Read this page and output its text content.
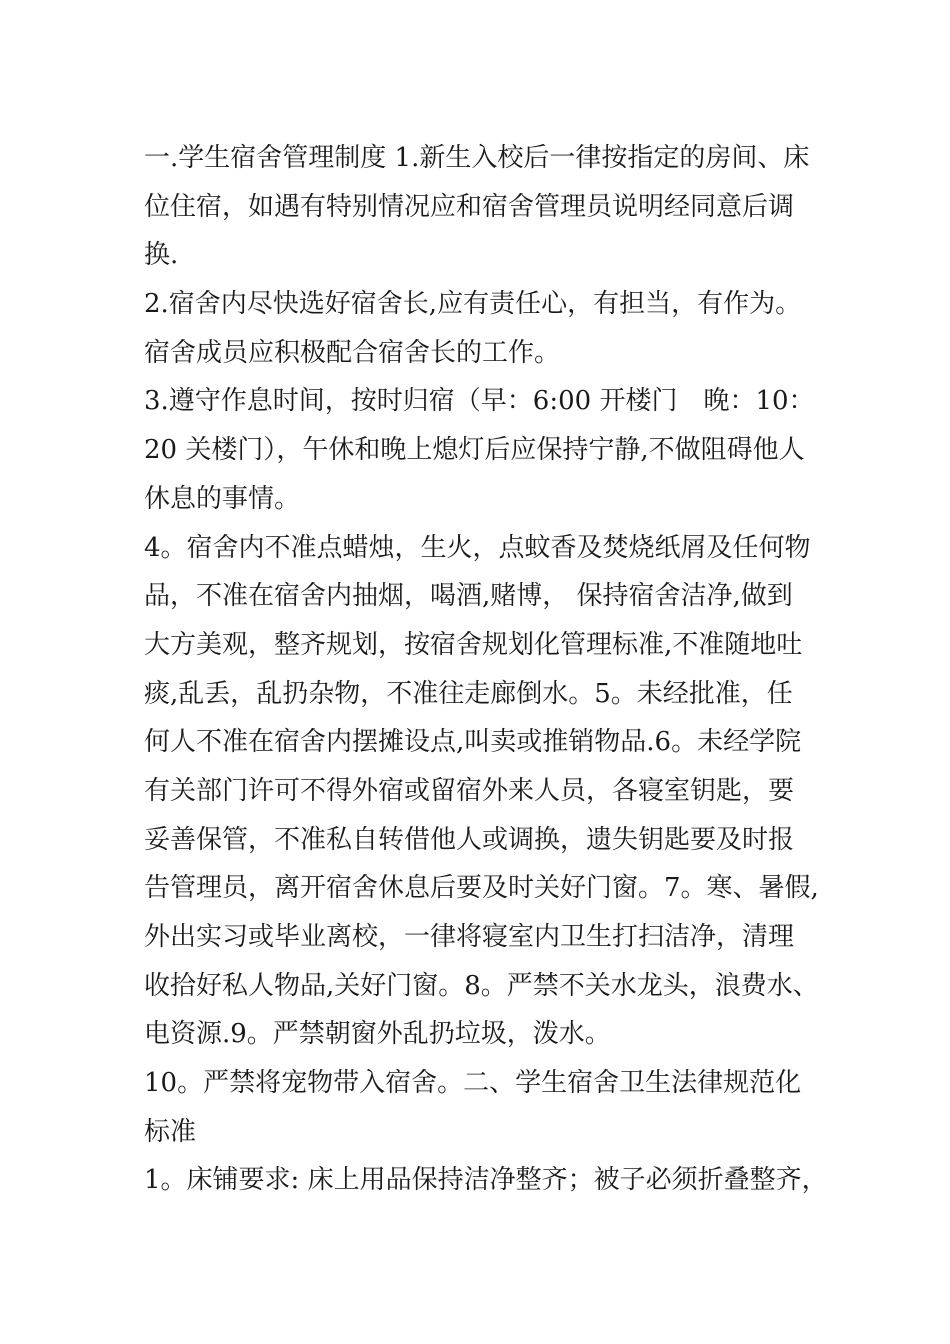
一.学生宿舍管理制度 1.新生入校后一律按指定的房间、床
位住宿，如遇有特别情况应和宿舍管理员说明经同意后调
换.
2.宿舍内尽快选好宿舍长,应有责任心，有担当，有作为。
宿舍成员应积极配合宿舍长的工作。
3.遵守作息时间，按时归宿（早：6:00 开楼门　晚：10：
20 关楼门），午休和晚上熄灯后应保持宁静,不做阻碍他人
休息的事情。
4。宿舍内不准点蜡烛，生火，点蚊香及焚烧纸屑及任何物
品，不准在宿舍内抽烟，喝酒,赌博， 保持宿舍洁净,做到
大方美观，整齐规划，按宿舍规划化管理标准,不准随地吐
痰,乱丢，乱扔杂物，不准往走廊倒水。5。未经批准，任
何人不准在宿舍内摆摊设点,叫卖或推销物品.6。未经学院
有关部门许可不得外宿或留宿外来人员，各寝室钥匙，要
妥善保管，不准私自转借他人或调换，遗失钥匙要及时报
告管理员，离开宿舍休息后要及时关好门窗。7。寒、暑假,
外出实习或毕业离校，一律将寝室内卫生打扫洁净，清理
收拾好私人物品,关好门窗。8。严禁不关水龙头，浪费水、
电资源.9。严禁朝窗外乱扔垃圾，泼水。
10。严禁将宠物带入宿舍。二、学生宿舍卫生法律规范化
标准
1。床铺要求: 床上用品保持洁净整齐；被子必须折叠整齐，
